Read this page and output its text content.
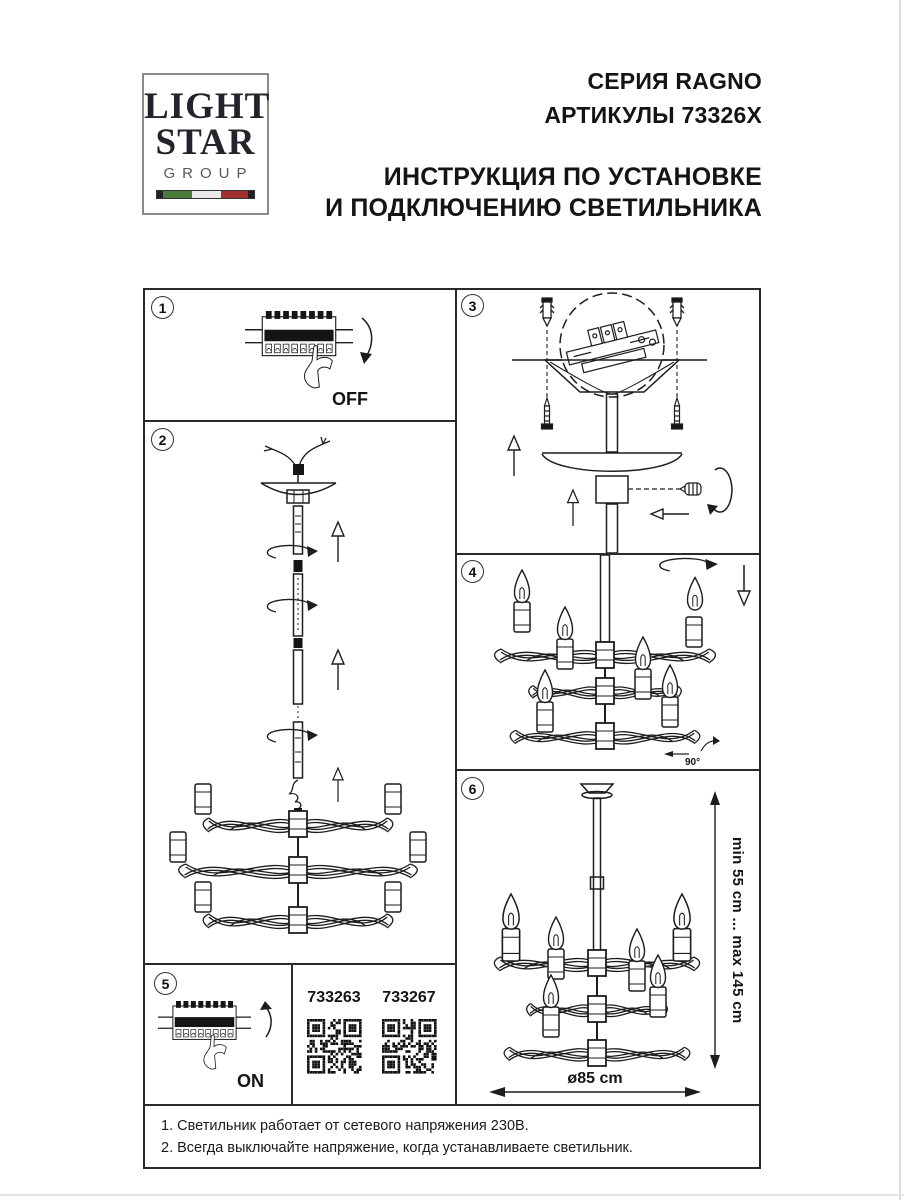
LIGHT
STAR
GROUP
СЕРИЯ RAGNO
АРТИКУЛЫ 73326X
ИНСТРУКЦИЯ ПО УСТАНОВКЕ
И ПОДКЛЮЧЕНИЮ СВЕТИЛЬНИКА
1
2
3
4
5
6
OFF
90°
ON
733263	733267
ø85 cm
min 55 cm ... max 145 cm
1. Светильник работает от сетевого напряжения 230В.
2. Всегда выключайте напряжение, когда устанавливаете светильник.
